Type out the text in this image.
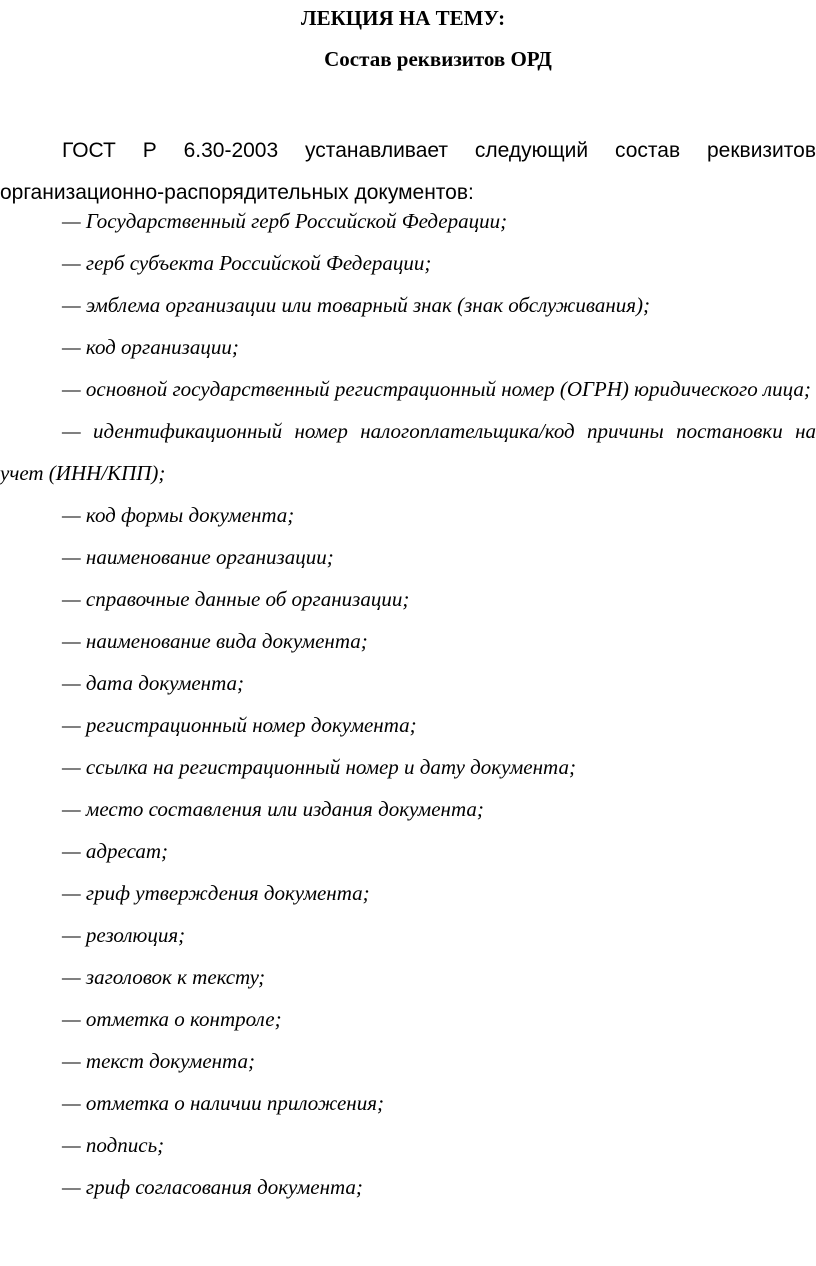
ЛЕКЦИЯ НА ТЕМУ:
Состав реквизитов ОРД

ГОСТ Р 6.30-2003 устанавливает следующий состав реквизитов организационно-распорядительных документов:

— Государственный герб Российской Федерации;
— герб субъекта Российской Федерации;
— эмблема организации или товарный знак (знак обслуживания);
— код организации;
— основной государственный регистрационный номер (ОГРН) юридического лица;
— идентификационный номер налогоплательщика/код причины постановки на учет (ИНН/КПП);
— код формы документа;
— наименование организации;
— справочные данные об организации;
— наименование вида документа;
— дата документа;
— регистрационный номер документа;
— ссылка на регистрационный номер и дату документа;
— место составления или издания документа;
— адресат;
— гриф утверждения документа;
— резолюция;
— заголовок к тексту;
— отметка о контроле;
— текст документа;
— отметка о наличии приложения;
— подпись;
— гриф согласования документа;
